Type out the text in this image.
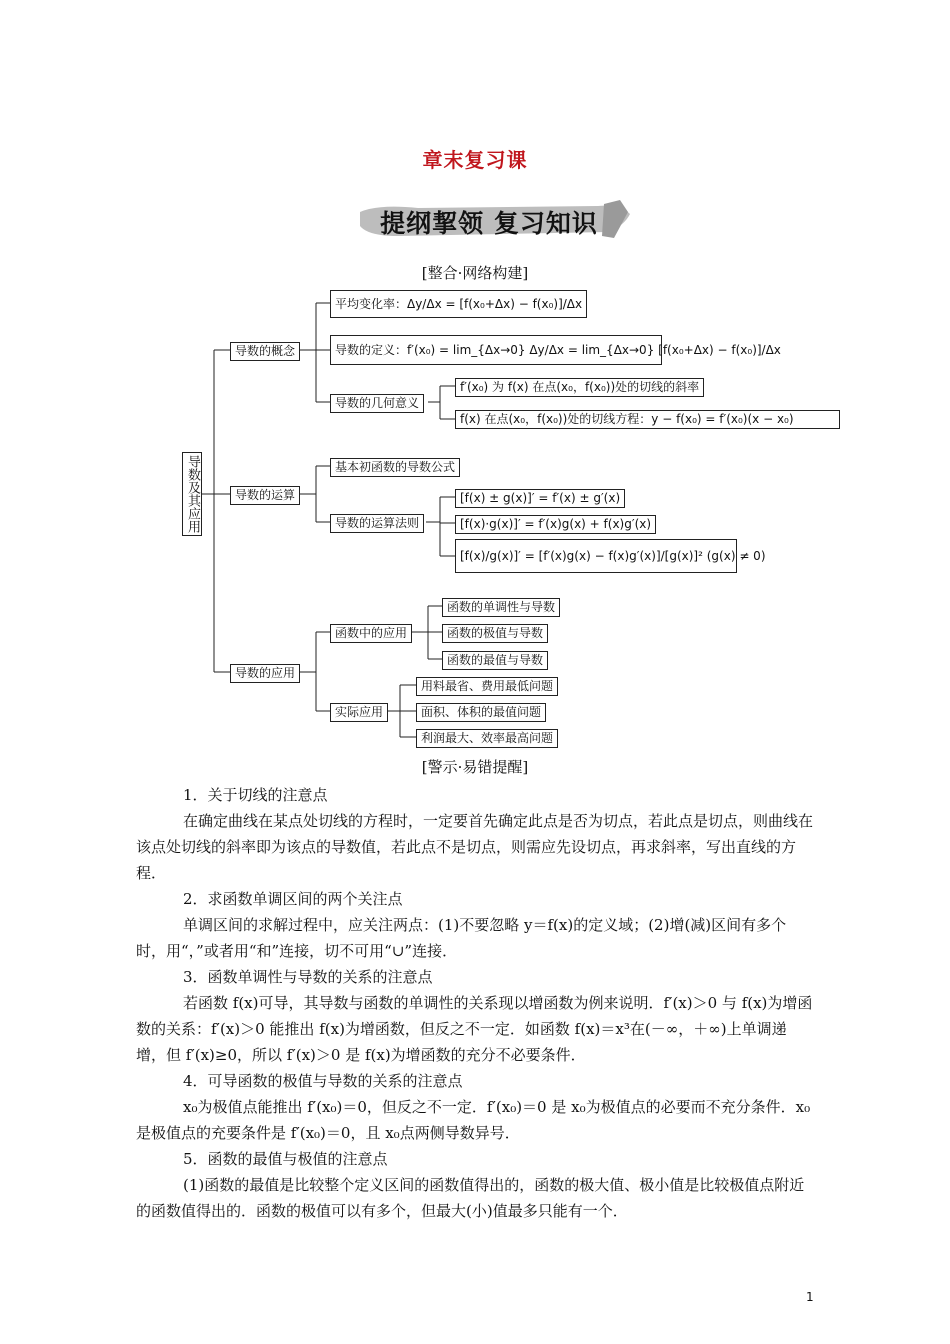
章末复习课
提纲挈领 复习知识
[整合·网络构建]
导数及其应用
导数的概念
平均变化率：Δy/Δx = [f(x₀+Δx) − f(x₀)]/Δx
导数的定义：f′(x₀) = lim_{Δx→0} Δy/Δx = lim_{Δx→0} [f(x₀+Δx) − f(x₀)]/Δx
导数的几何意义
f′(x₀) 为 f(x) 在点(x₀，f(x₀))处的切线的斜率
f(x) 在点(x₀，f(x₀))处的切线方程：y − f(x₀) = f′(x₀)(x − x₀)
导数的运算
基本初函数的导数公式
导数的运算法则
[f(x) ± g(x)]′ = f′(x) ± g′(x)
[f(x)·g(x)]′ = f′(x)g(x) + f(x)g′(x)
[f(x)/g(x)]′ = [f′(x)g(x) − f(x)g′(x)]/[g(x)]² (g(x) ≠ 0)
导数的应用
函数中的应用
函数的单调性与导数
函数的极值与导数
函数的最值与导数
实际应用
用料最省、费用最低问题
面积、体积的最值问题
利润最大、效率最高问题
[警示·易错提醒]

1．关于切线的注意点

在确定曲线在某点处切线的方程时，一定要首先确定此点是否为切点，若此点是切点，则曲线在该点处切线的斜率即为该点的导数值，若此点不是切点，则需应先设切点，再求斜率，写出直线的方程．

2．求函数单调区间的两个关注点

单调区间的求解过程中，应关注两点：(1)不要忽略 y＝f(x)的定义域；(2)增(减)区间有多个时，用“，”或者用“和”连接，切不可用“∪”连接．

3．函数单调性与导数的关系的注意点

若函数 f(x)可导，其导数与函数的单调性的关系现以增函数为例来说明．f′(x)＞0 与 f(x)为增函数的关系：f′(x)＞0 能推出 f(x)为增函数，但反之不一定．如函数 f(x)＝x³在(－∞，＋∞)上单调递增，但 f′(x)≥0，所以 f′(x)＞0 是 f(x)为增函数的充分不必要条件．

4．可导函数的极值与导数的关系的注意点

x₀为极值点能推出 f′(x₀)＝0，但反之不一定．f′(x₀)＝0 是 x₀为极值点的必要而不充分条件．x₀是极值点的充要条件是 f′(x₀)＝0，且 x₀点两侧导数异号．

5．函数的最值与极值的注意点

(1)函数的最值是比较整个定义区间的函数值得出的，函数的极大值、极小值是比较极值点附近的函数值得出的．函数的极值可以有多个，但最大(小)值最多只能有一个．

1
